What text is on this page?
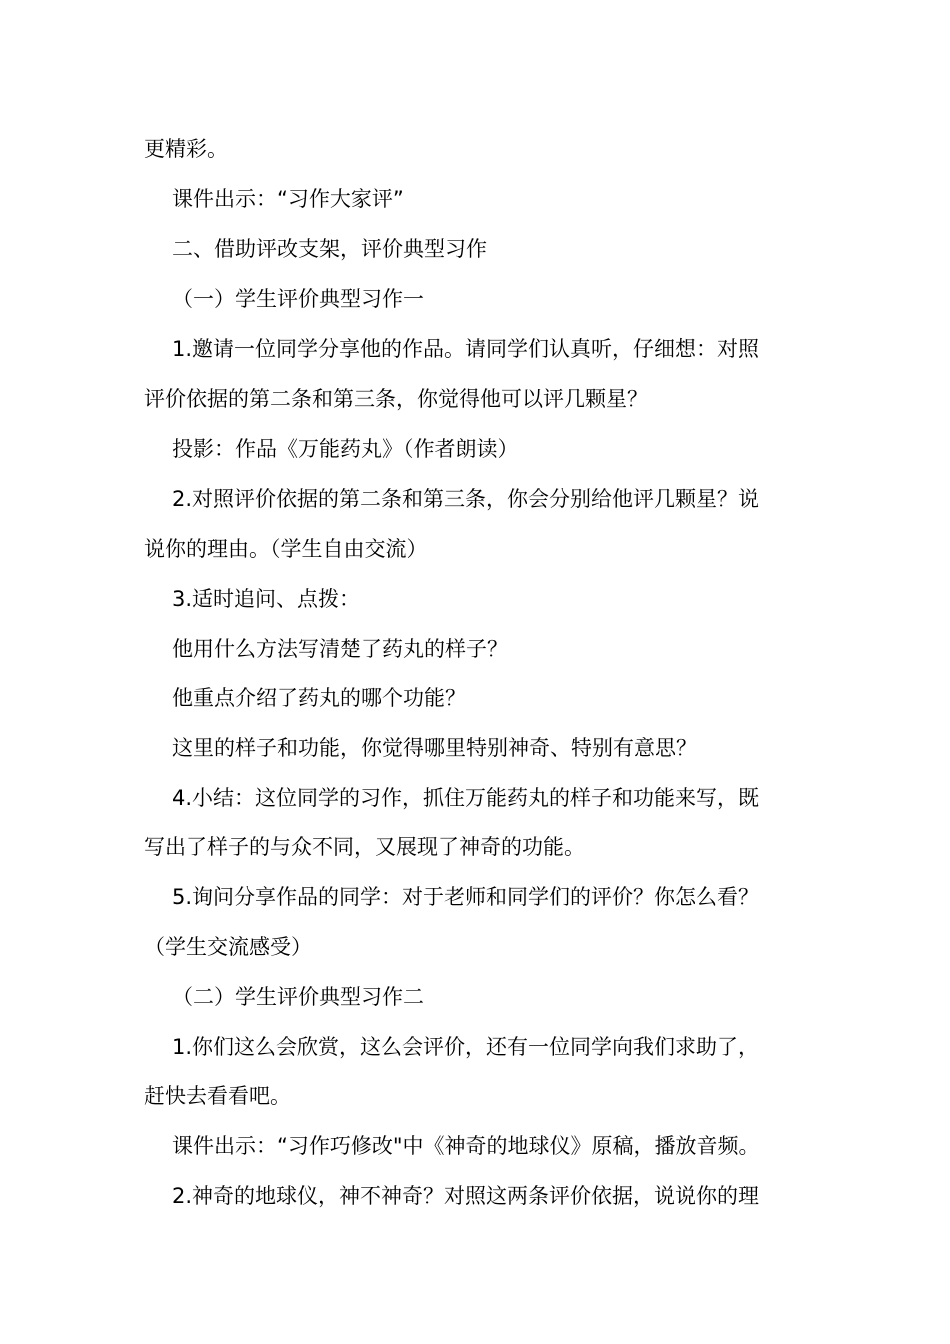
更精彩。
课件出示：“习作大家评”
二、借助评改支架，评价典型习作
（一）学生评价典型习作一
1.邀请一位同学分享他的作品。请同学们认真听，仔细想：对照
评价依据的第二条和第三条，你觉得他可以评几颗星？
投影：作品《万能药丸》（作者朗读）
2.对照评价依据的第二条和第三条，你会分别给他评几颗星？说
说你的理由。（学生自由交流）
3.适时追问、点拨：
他用什么方法写清楚了药丸的样子？
他重点介绍了药丸的哪个功能？
这里的样子和功能，你觉得哪里特别神奇、特别有意思？
4.小结：这位同学的习作，抓住万能药丸的样子和功能来写，既
写出了样子的与众不同，又展现了神奇的功能。
5.询问分享作品的同学：对于老师和同学们的评价？你怎么看？
（学生交流感受）
（二）学生评价典型习作二
1.你们这么会欣赏，这么会评价，还有一位同学向我们求助了，
赶快去看看吧。
课件出示：“习作巧修改"中《神奇的地球仪》原稿，播放音频。
2.神奇的地球仪，神不神奇？对照这两条评价依据，说说你的理
